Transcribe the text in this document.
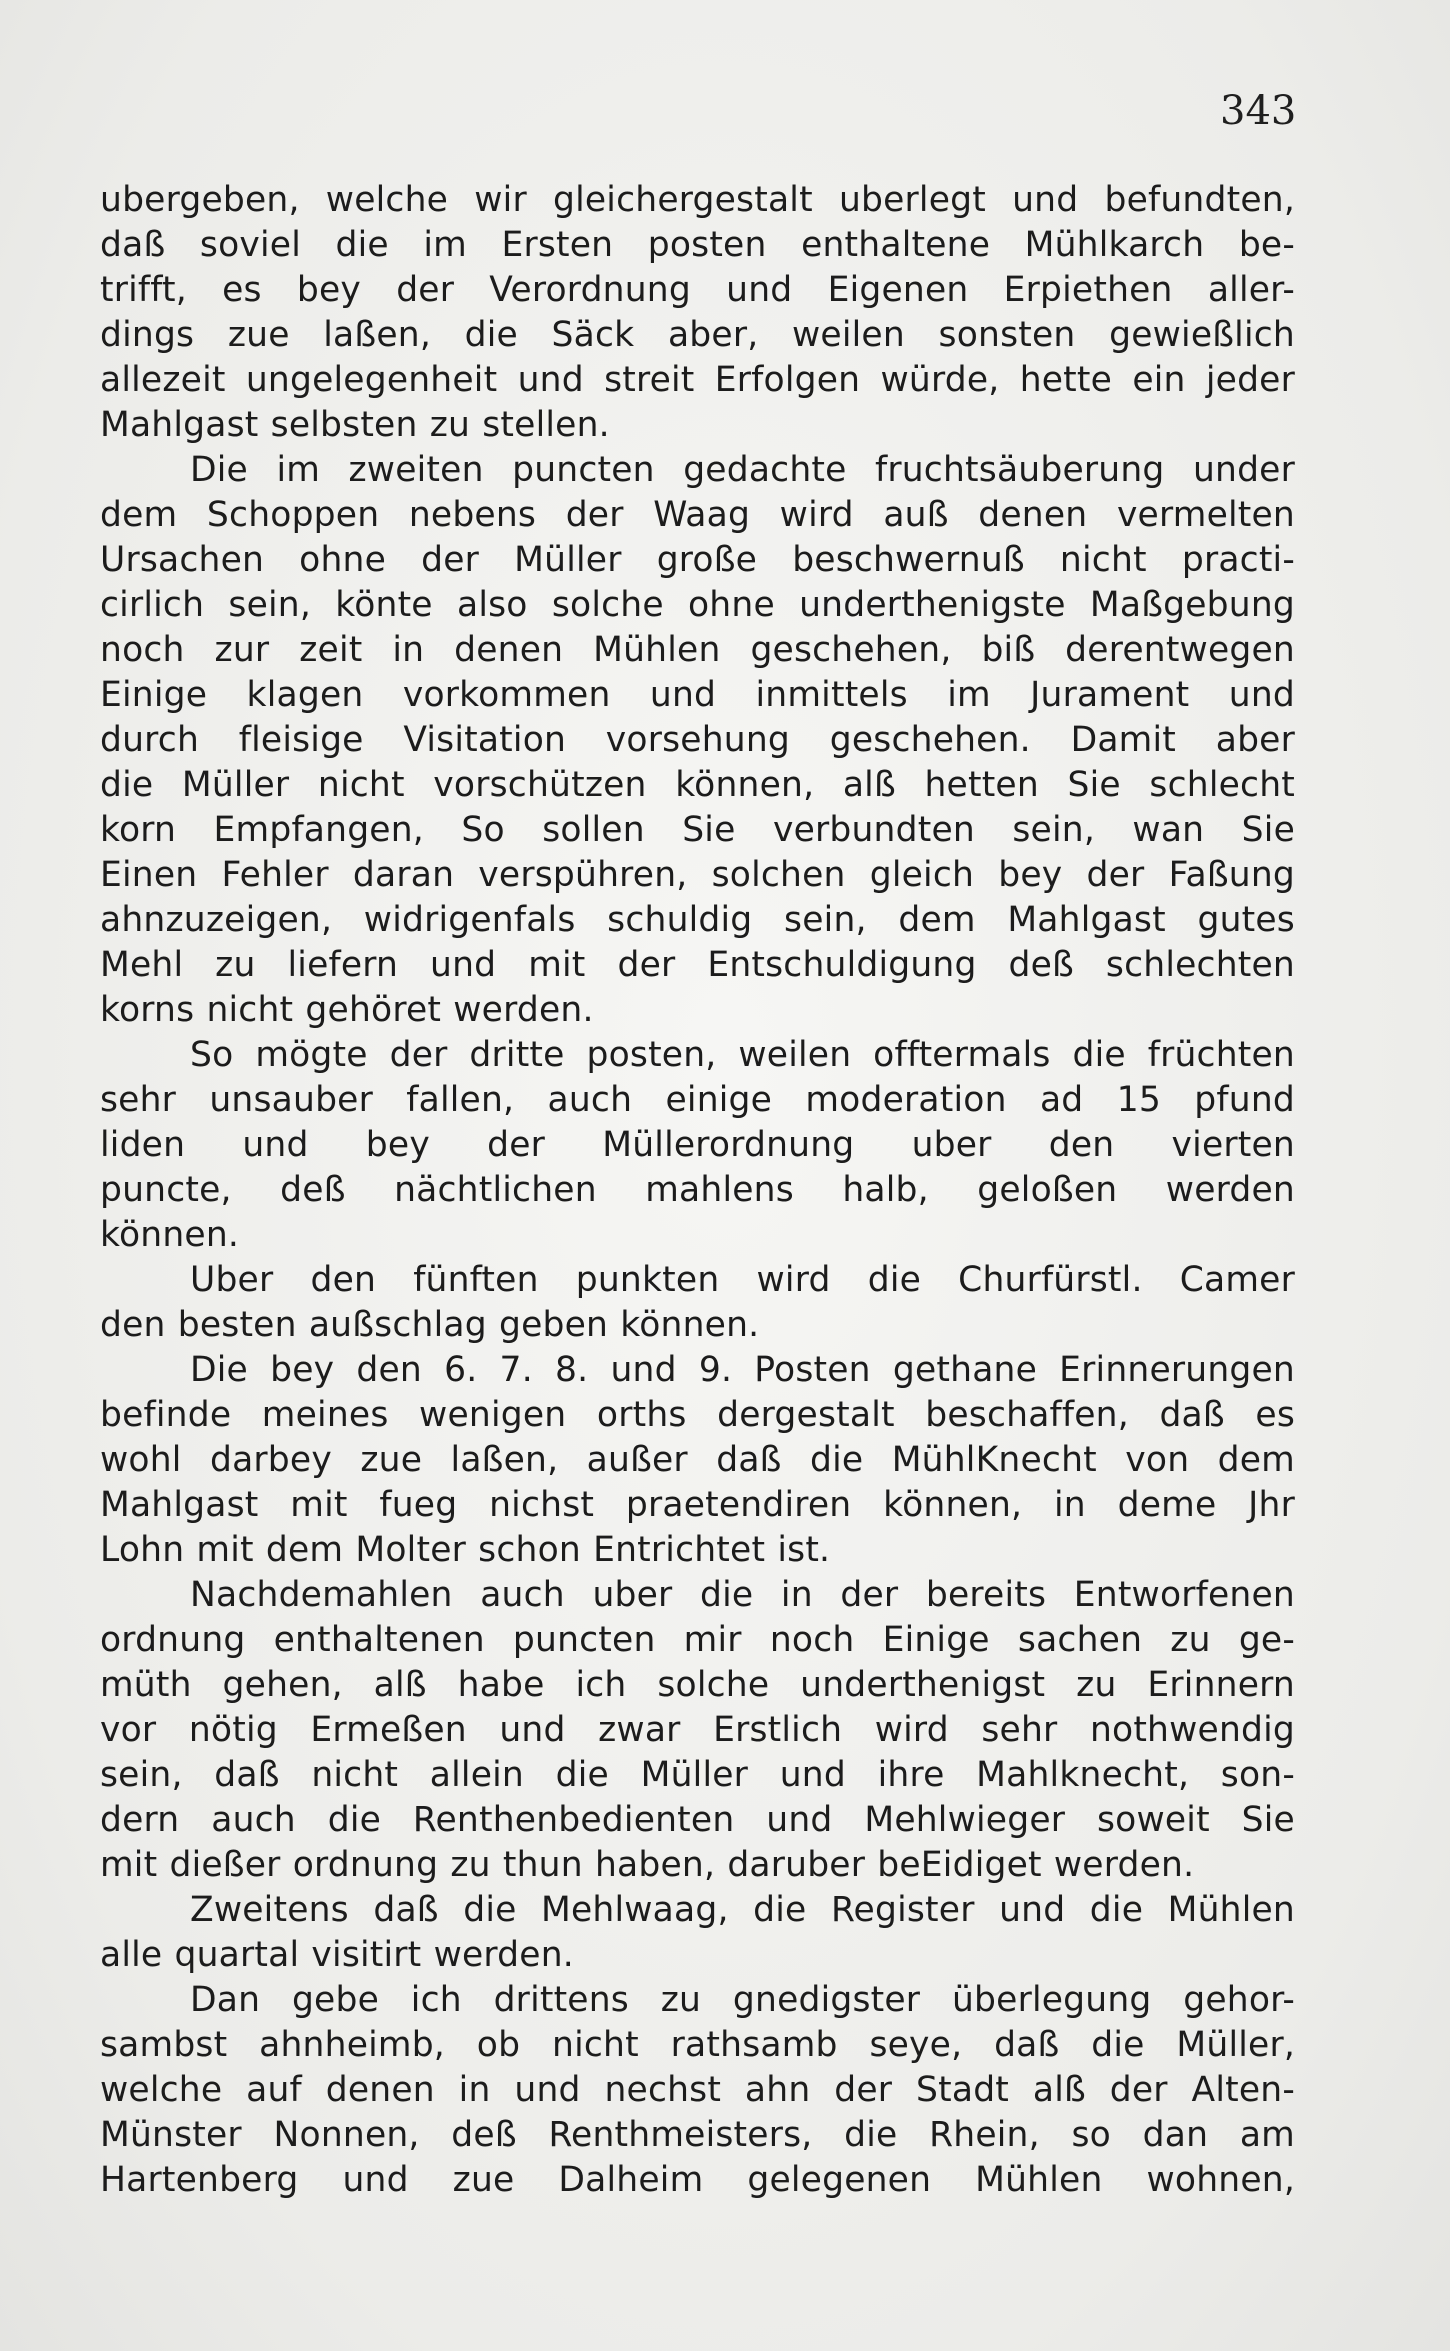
343
ubergeben, welche wir gleichergestalt uberlegt und befundten,
daß soviel die im Ersten posten enthaltene Mühlkarch be-
trifft, es bey der Verordnung und Eigenen Erpiethen aller-
dings zue laßen, die Säck aber, weilen sonsten gewießlich
allezeit ungelegenheit und streit Erfolgen würde, hette ein jeder
Mahlgast selbsten zu stellen.
Die im zweiten puncten gedachte fruchtsäuberung under
dem Schoppen nebens der Waag wird auß denen vermelten
Ursachen ohne der Müller große beschwernuß nicht practi-
cirlich sein, könte also solche ohne underthenigste Maßgebung
noch zur zeit in denen Mühlen geschehen, biß derentwegen
Einige klagen vorkommen und inmittels im Jurament und
durch fleisige Visitation vorsehung geschehen. Damit aber
die Müller nicht vorschützen können, alß hetten Sie schlecht
korn Empfangen, So sollen Sie verbundten sein, wan Sie
Einen Fehler daran verspühren, solchen gleich bey der Faßung
ahnzuzeigen, widrigenfals schuldig sein, dem Mahlgast gutes
Mehl zu liefern und mit der Entschuldigung deß schlechten
korns nicht gehöret werden.
So mögte der dritte posten, weilen offtermals die früchten
sehr unsauber fallen, auch einige moderation ad 15 pfund
liden und bey der Müllerordnung uber den vierten
puncte, deß nächtlichen mahlens halb, geloßen werden
können.
Uber den fünften punkten wird die Churfürstl. Camer
den besten außschlag geben können.
Die bey den 6. 7. 8. und 9. Posten gethane Erinnerungen
befinde meines wenigen orths dergestalt beschaffen, daß es
wohl darbey zue laßen, außer daß die MühlKnecht von dem
Mahlgast mit fueg nichst praetendiren können, in deme Jhr
Lohn mit dem Molter schon Entrichtet ist.
Nachdemahlen auch uber die in der bereits Entworfenen
ordnung enthaltenen puncten mir noch Einige sachen zu ge-
müth gehen, alß habe ich solche underthenigst zu Erinnern
vor nötig Ermeßen und zwar Erstlich wird sehr nothwendig
sein, daß nicht allein die Müller und ihre Mahlknecht, son-
dern auch die Renthenbedienten und Mehlwieger soweit Sie
mit dießer ordnung zu thun haben, daruber beEidiget werden.
Zweitens daß die Mehlwaag, die Register und die Mühlen
alle quartal visitirt werden.
Dan gebe ich drittens zu gnedigster überlegung gehor-
sambst ahnheimb, ob nicht rathsamb seye, daß die Müller,
welche auf denen in und nechst ahn der Stadt alß der Alten-
Münster Nonnen, deß Renthmeisters, die Rhein, so dan am
Hartenberg und zue Dalheim gelegenen Mühlen wohnen,
